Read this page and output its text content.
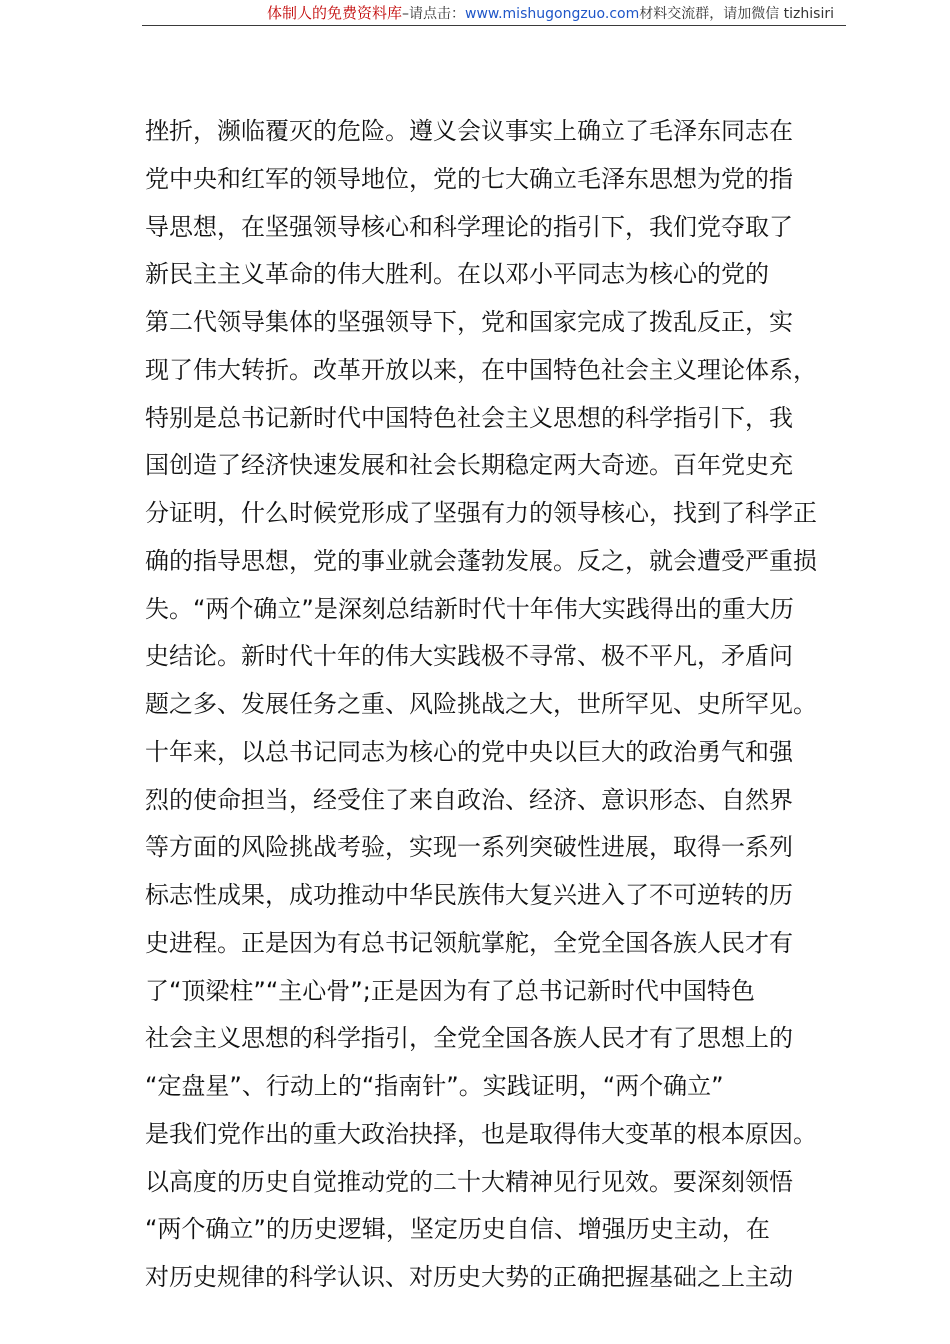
体制人的免费资料库–请点击：www.mishugongzuo.com材料交流群，请加微信 tizhisiri
挫折，濒临覆灭的危险。遵义会议事实上确立了毛泽东同志在
党中央和红军的领导地位，党的七大确立毛泽东思想为党的指
导思想，在坚强领导核心和科学理论的指引下，我们党夺取了
新民主主义革命的伟大胜利。在以邓小平同志为核心的党的
第二代领导集体的坚强领导下，党和国家完成了拨乱反正，实
现了伟大转折。改革开放以来，在中国特色社会主义理论体系，
特别是总书记新时代中国特色社会主义思想的科学指引下，我
国创造了经济快速发展和社会长期稳定两大奇迹。百年党史充
分证明，什么时候党形成了坚强有力的领导核心，找到了科学正
确的指导思想，党的事业就会蓬勃发展。反之，就会遭受严重损
失。“两个确立”是深刻总结新时代十年伟大实践得出的重大历
史结论。新时代十年的伟大实践极不寻常、极不平凡，矛盾问
题之多、发展任务之重、风险挑战之大，世所罕见、史所罕见。
十年来，以总书记同志为核心的党中央以巨大的政治勇气和强
烈的使命担当，经受住了来自政治、经济、意识形态、自然界
等方面的风险挑战考验，实现一系列突破性进展，取得一系列
标志性成果，成功推动中华民族伟大复兴进入了不可逆转的历
史进程。正是因为有总书记领航掌舵，全党全国各族人民才有
了“顶梁柱”“主心骨”;正是因为有了总书记新时代中国特色
社会主义思想的科学指引，全党全国各族人民才有了思想上的
“定盘星”、行动上的“指南针”。实践证明，“两个确立”
是我们党作出的重大政治抉择，也是取得伟大变革的根本原因。
以高度的历史自觉推动党的二十大精神见行见效。要深刻领悟
“两个确立”的历史逻辑，坚定历史自信、增强历史主动，在
对历史规律的科学认识、对历史大势的正确把握基础之上主动
